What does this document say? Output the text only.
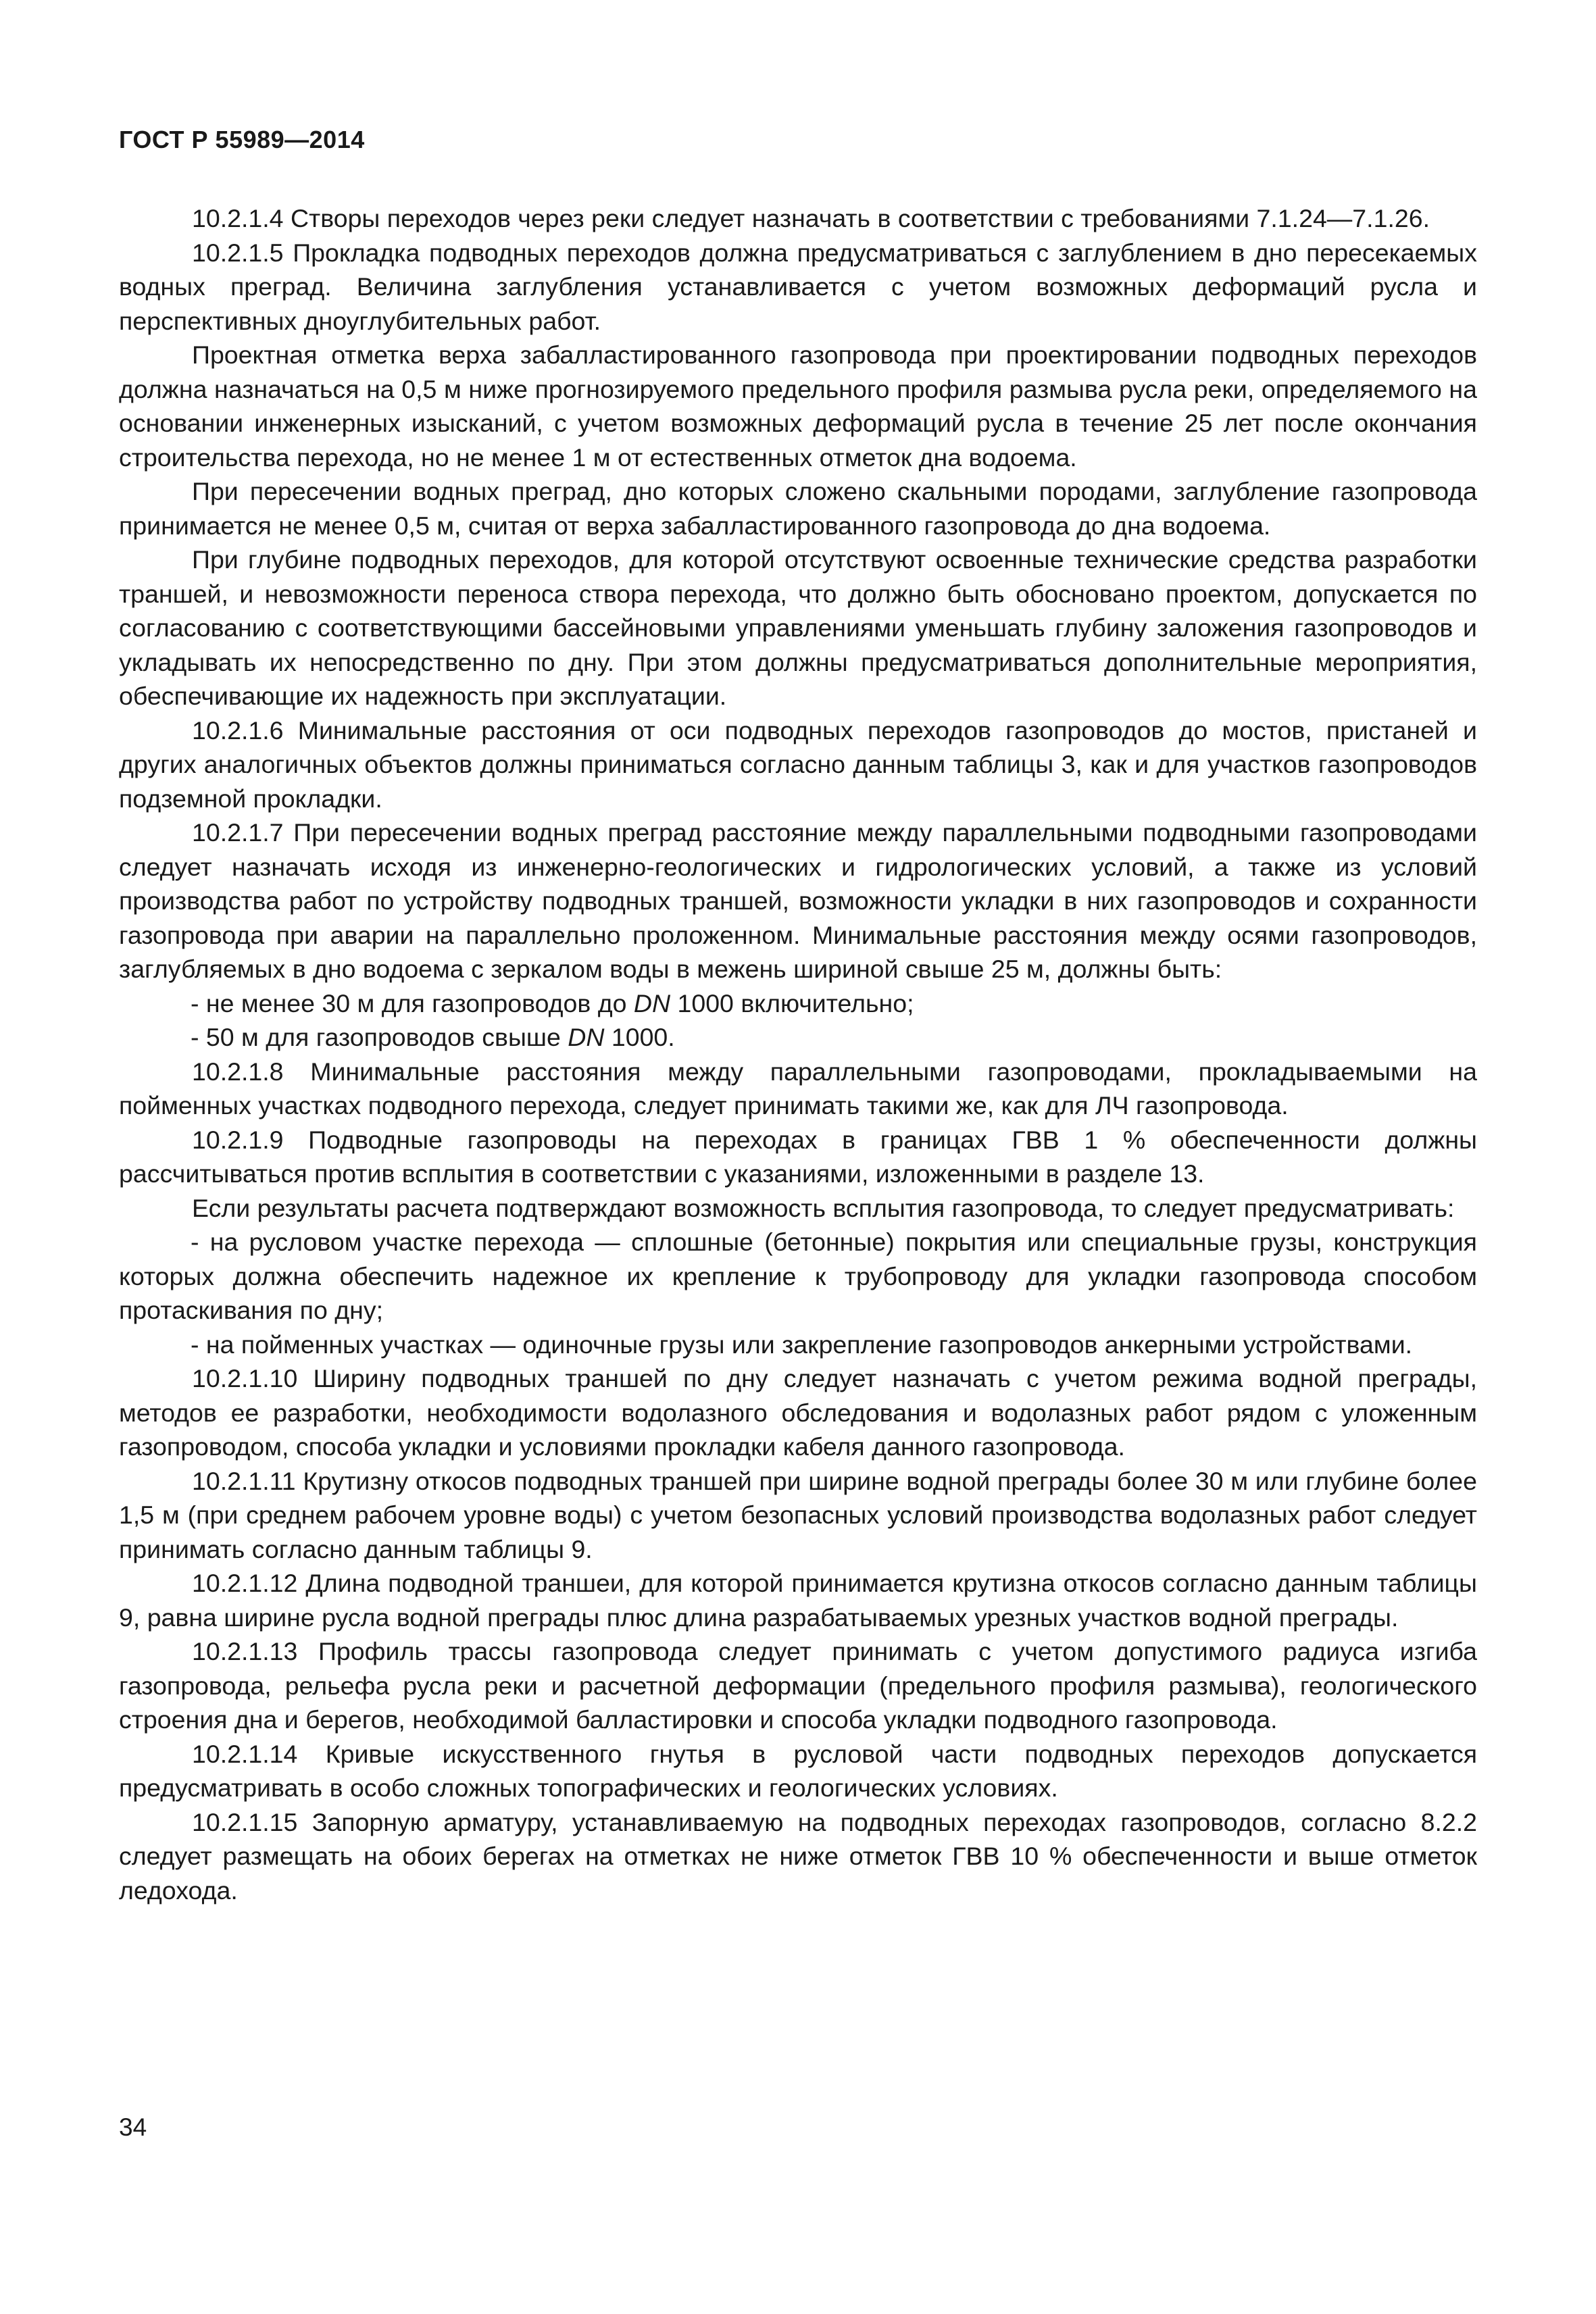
ГОСТ Р 55989—2014

10.2.1.4 Створы переходов через реки следует назначать в соответствии с требованиями 7.1.24—7.1.26.

10.2.1.5 Прокладка подводных переходов должна предусматриваться с заглублением в дно пересекаемых водных преград. Величина заглубления устанавливается с учетом возможных деформаций русла и перспективных дноуглубительных работ.

Проектная отметка верха забалластированного газопровода при проектировании подводных переходов должна назначаться на 0,5 м ниже прогнозируемого предельного профиля размыва русла реки, определяемого на основании инженерных изысканий, с учетом возможных деформаций русла в течение 25 лет после окончания строительства перехода, но не менее 1 м от естественных отметок дна водоема.

При пересечении водных преград, дно которых сложено скальными породами, заглубление газопровода принимается не менее 0,5 м, считая от верха забалластированного газопровода до дна водоема.

При глубине подводных переходов, для которой отсутствуют освоенные технические средства разработки траншей, и невозможности переноса створа перехода, что должно быть обосновано проектом, допускается по согласованию с соответствующими бассейновыми управлениями уменьшать глубину заложения газопроводов и укладывать их непосредственно по дну. При этом должны предусматриваться дополнительные мероприятия, обеспечивающие их надежность при эксплуатации.

10.2.1.6 Минимальные расстояния от оси подводных переходов газопроводов до мостов, пристаней и других аналогичных объектов должны приниматься согласно данным таблицы 3, как и для участков газопроводов подземной прокладки.

10.2.1.7 При пересечении водных преград расстояние между параллельными подводными газопроводами следует назначать исходя из инженерно-геологических и гидрологических условий, а также из условий производства работ по устройству подводных траншей, возможности укладки в них газопроводов и сохранности газопровода при аварии на параллельно проложенном. Минимальные расстояния между осями газопроводов, заглубляемых в дно водоема с зеркалом воды в межень шириной свыше 25 м, должны быть:

- не менее 30 м для газопроводов до DN 1000 включительно;

- 50 м для газопроводов свыше DN 1000.

10.2.1.8 Минимальные расстояния между параллельными газопроводами, прокладываемыми на пойменных участках подводного перехода, следует принимать такими же, как для ЛЧ газопровода.

10.2.1.9 Подводные газопроводы на переходах в границах ГВВ 1 % обеспеченности должны рассчитываться против всплытия в соответствии с указаниями, изложенными в разделе 13.

Если результаты расчета подтверждают возможность всплытия газопровода, то следует предусматривать:

- на русловом участке перехода — сплошные (бетонные) покрытия или специальные грузы, конструкция которых должна обеспечить надежное их крепление к трубопроводу для укладки газопровода способом протаскивания по дну;

- на пойменных участках — одиночные грузы или закрепление газопроводов анкерными устройствами.

10.2.1.10 Ширину подводных траншей по дну следует назначать с учетом режима водной преграды, методов ее разработки, необходимости водолазного обследования и водолазных работ рядом с уложенным газопроводом, способа укладки и условиями прокладки кабеля данного газопровода.

10.2.1.11 Крутизну откосов подводных траншей при ширине водной преграды более 30 м или глубине более 1,5 м (при среднем рабочем уровне воды) с учетом безопасных условий производства водолазных работ следует принимать согласно данным таблицы 9.

10.2.1.12 Длина подводной траншеи, для которой принимается крутизна откосов согласно данным таблицы 9, равна ширине русла водной преграды плюс длина разрабатываемых урезных участков водной преграды.

10.2.1.13 Профиль трассы газопровода следует принимать с учетом допустимого радиуса изгиба газопровода, рельефа русла реки и расчетной деформации (предельного профиля размыва), геологического строения дна и берегов, необходимой балластировки и способа укладки подводного газопровода.

10.2.1.14 Кривые искусственного гнутья в русловой части подводных переходов допускается предусматривать в особо сложных топографических и геологических условиях.

10.2.1.15 Запорную арматуру, устанавливаемую на подводных переходах газопроводов, согласно 8.2.2 следует размещать на обоих берегах на отметках не ниже отметок ГВВ 10 % обеспеченности и выше отметок ледохода.

34
